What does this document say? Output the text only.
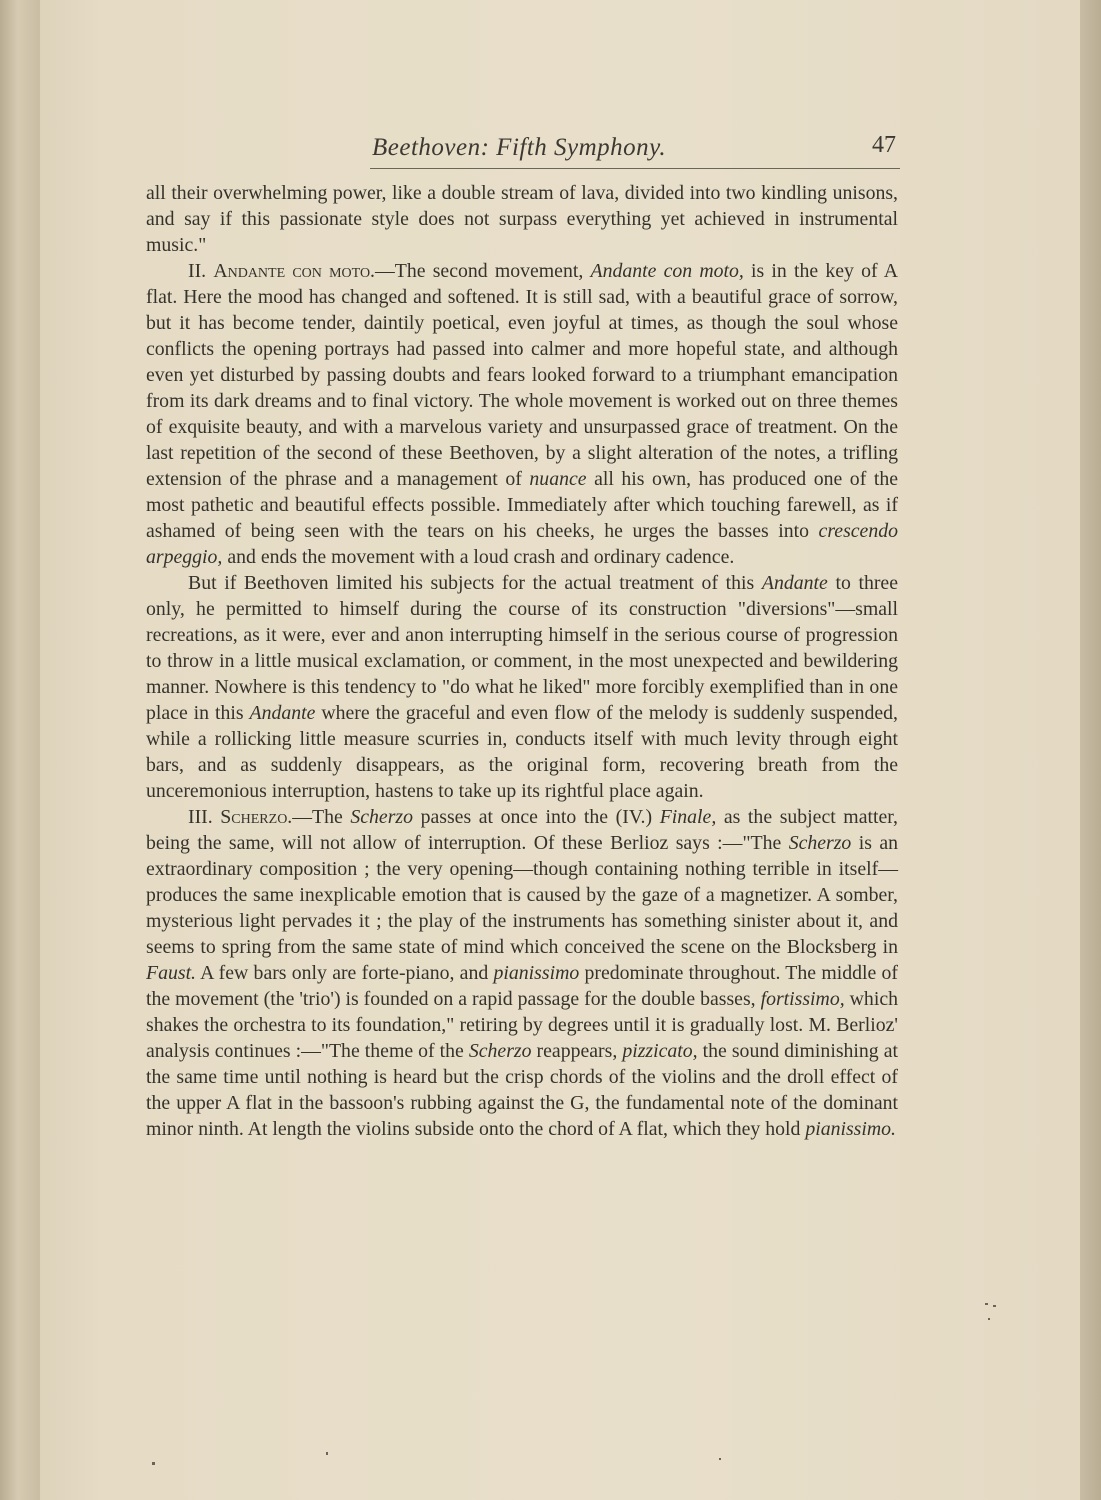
Beethoven: Fifth Symphony.	47

all their overwhelming power, like a double stream of lava, divided into two kindling unisons, and say if this passionate style does not surpass everything yet achieved in instrumental music."

II. Andante con moto.—The second movement, Andante con moto, is in the key of A flat. Here the mood has changed and softened. It is still sad, with a beautiful grace of sorrow, but it has become tender, daintily poetical, even joyful at times, as though the soul whose conflicts the opening portrays had passed into calmer and more hopeful state, and although even yet disturbed by passing doubts and fears looked forward to a triumphant emancipation from its dark dreams and to final victory. The whole movement is worked out on three themes of exquisite beauty, and with a marvelous variety and unsurpassed grace of treatment. On the last repetition of the second of these Beethoven, by a slight alteration of the notes, a trifling extension of the phrase and a management of nuance all his own, has produced one of the most pathetic and beautiful effects possible. Immediately after which touching farewell, as if ashamed of being seen with the tears on his cheeks, he urges the basses into crescendo arpeggio, and ends the movement with a loud crash and ordinary cadence.

But if Beethoven limited his subjects for the actual treatment of this Andante to three only, he permitted to himself during the course of its construction "diversions"—small recreations, as it were, ever and anon interrupting himself in the serious course of progression to throw in a little musical exclamation, or comment, in the most unexpected and bewildering manner. Nowhere is this tendency to "do what he liked" more forcibly exemplified than in one place in this Andante where the graceful and even flow of the melody is suddenly suspended, while a rollicking little measure scurries in, conducts itself with much levity through eight bars, and as suddenly disappears, as the original form, recovering breath from the unceremonious interruption, hastens to take up its rightful place again.

III. Scherzo.—The Scherzo passes at once into the (IV.) Finale, as the subject matter, being the same, will not allow of interruption. Of these Berlioz says :—"The Scherzo is an extraordinary composition ; the very opening—though containing nothing terrible in itself—produces the same inexplicable emotion that is caused by the gaze of a magnetizer. A somber, mysterious light pervades it ; the play of the instruments has something sinister about it, and seems to spring from the same state of mind which conceived the scene on the Blocksberg in Faust. A few bars only are forte-piano, and pianissimo predominate throughout. The middle of the movement (the 'trio') is founded on a rapid passage for the double basses, fortissimo, which shakes the orchestra to its foundation," retiring by degrees until it is gradually lost. M. Berlioz' analysis continues :—"The theme of the Scherzo reappears, pizzicato, the sound diminishing at the same time until nothing is heard but the crisp chords of the violins and the droll effect of the upper A flat in the bassoon's rubbing against the G, the fundamental note of the dominant minor ninth. At length the violins subside onto the chord of A flat, which they hold pianissimo.
